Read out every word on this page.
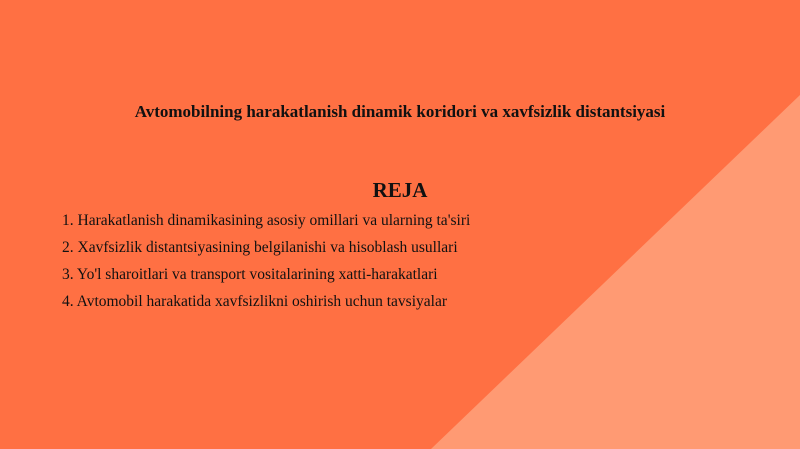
Avtomobilning harakatlanish dinamik koridori va xavfsizlik distantsiyasi
REJA
1. Harakatlanish dinamikasining asosiy omillari va ularning ta'siri
2. Xavfsizlik distantsiyasining belgilanishi va hisoblash usullari
3. Yo'l sharoitlari va transport vositalarining xatti-harakatlari
4. Avtomobil harakatida xavfsizlikni oshirish uchun tavsiyalar
